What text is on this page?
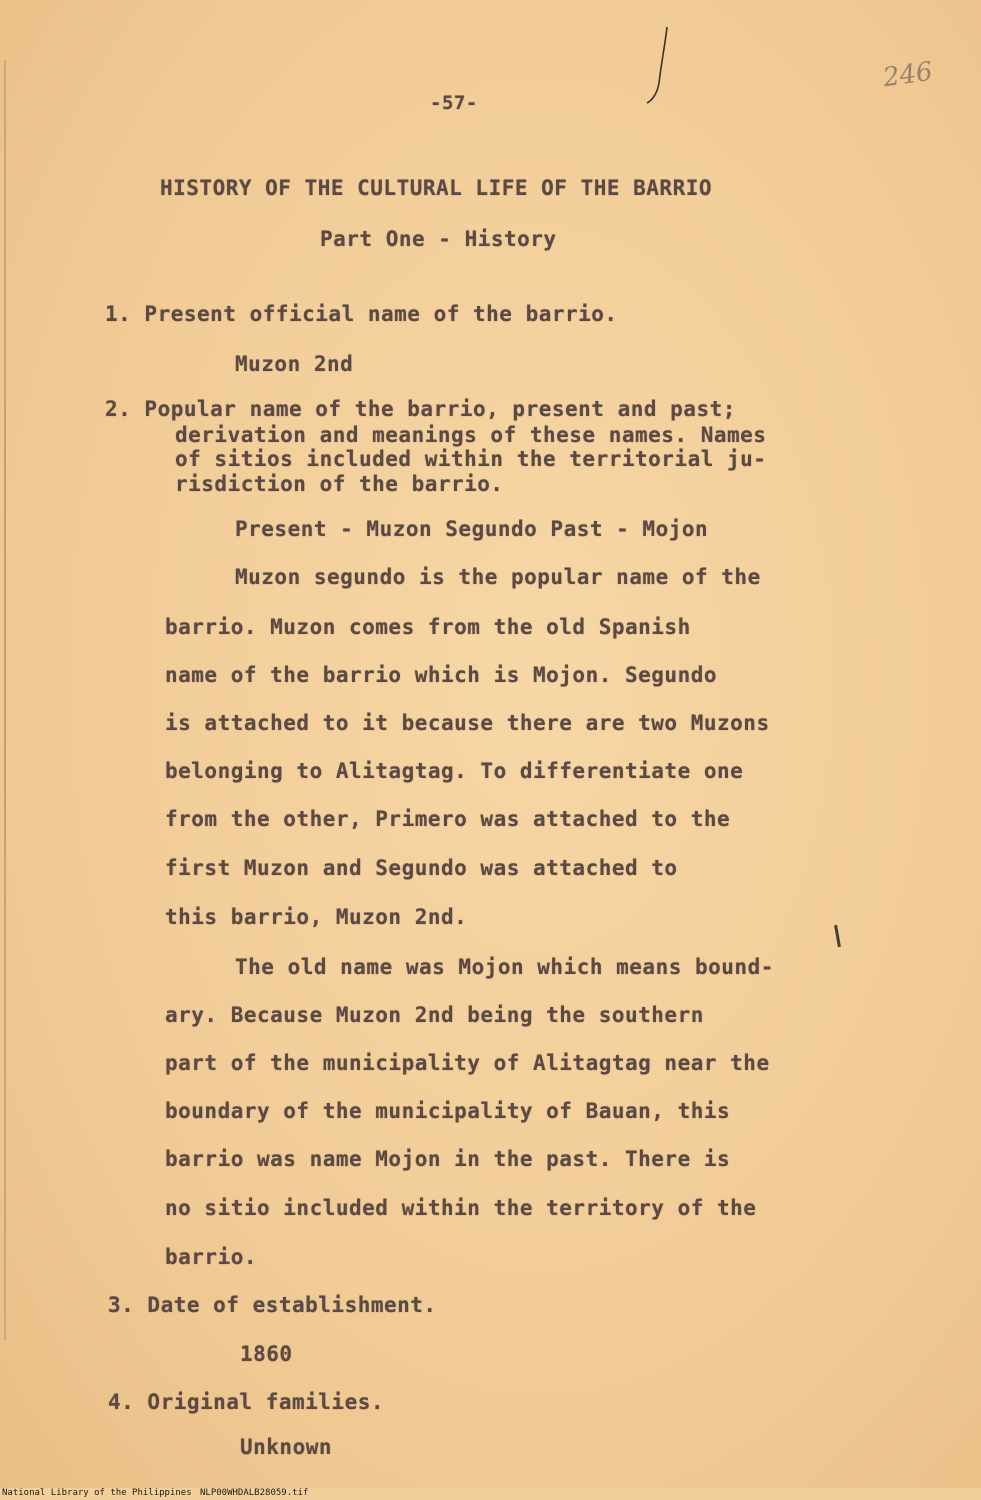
-57-
246
HISTORY OF THE CULTURAL LIFE OF THE BARRIO
Part One - History
1. Present official name of the barrio.
Muzon 2nd
2. Popular name of the barrio, present and past;
derivation and meanings of these names. Names
of sitios included within the territorial ju-
risdiction of the barrio.
Present - Muzon Segundo Past - Mojon
Muzon segundo is the popular name of the
barrio. Muzon comes from the old Spanish
name of the barrio which is Mojon. Segundo
is attached to it because there are two Muzons
belonging to Alitagtag. To differentiate one
from the other, Primero was attached to the
first Muzon and Segundo was attached to
this barrio, Muzon 2nd.
The old name was Mojon which means bound-
ary. Because Muzon 2nd being the southern
part of the municipality of Alitagtag near the
boundary of the municipality of Bauan, this
barrio was name Mojon in the past. There is
no sitio included within the territory of the
barrio.
3. Date of establishment.
1860
4. Original families.
Unknown
National Library of the Philippines NLP00WHDALB28059.tif
